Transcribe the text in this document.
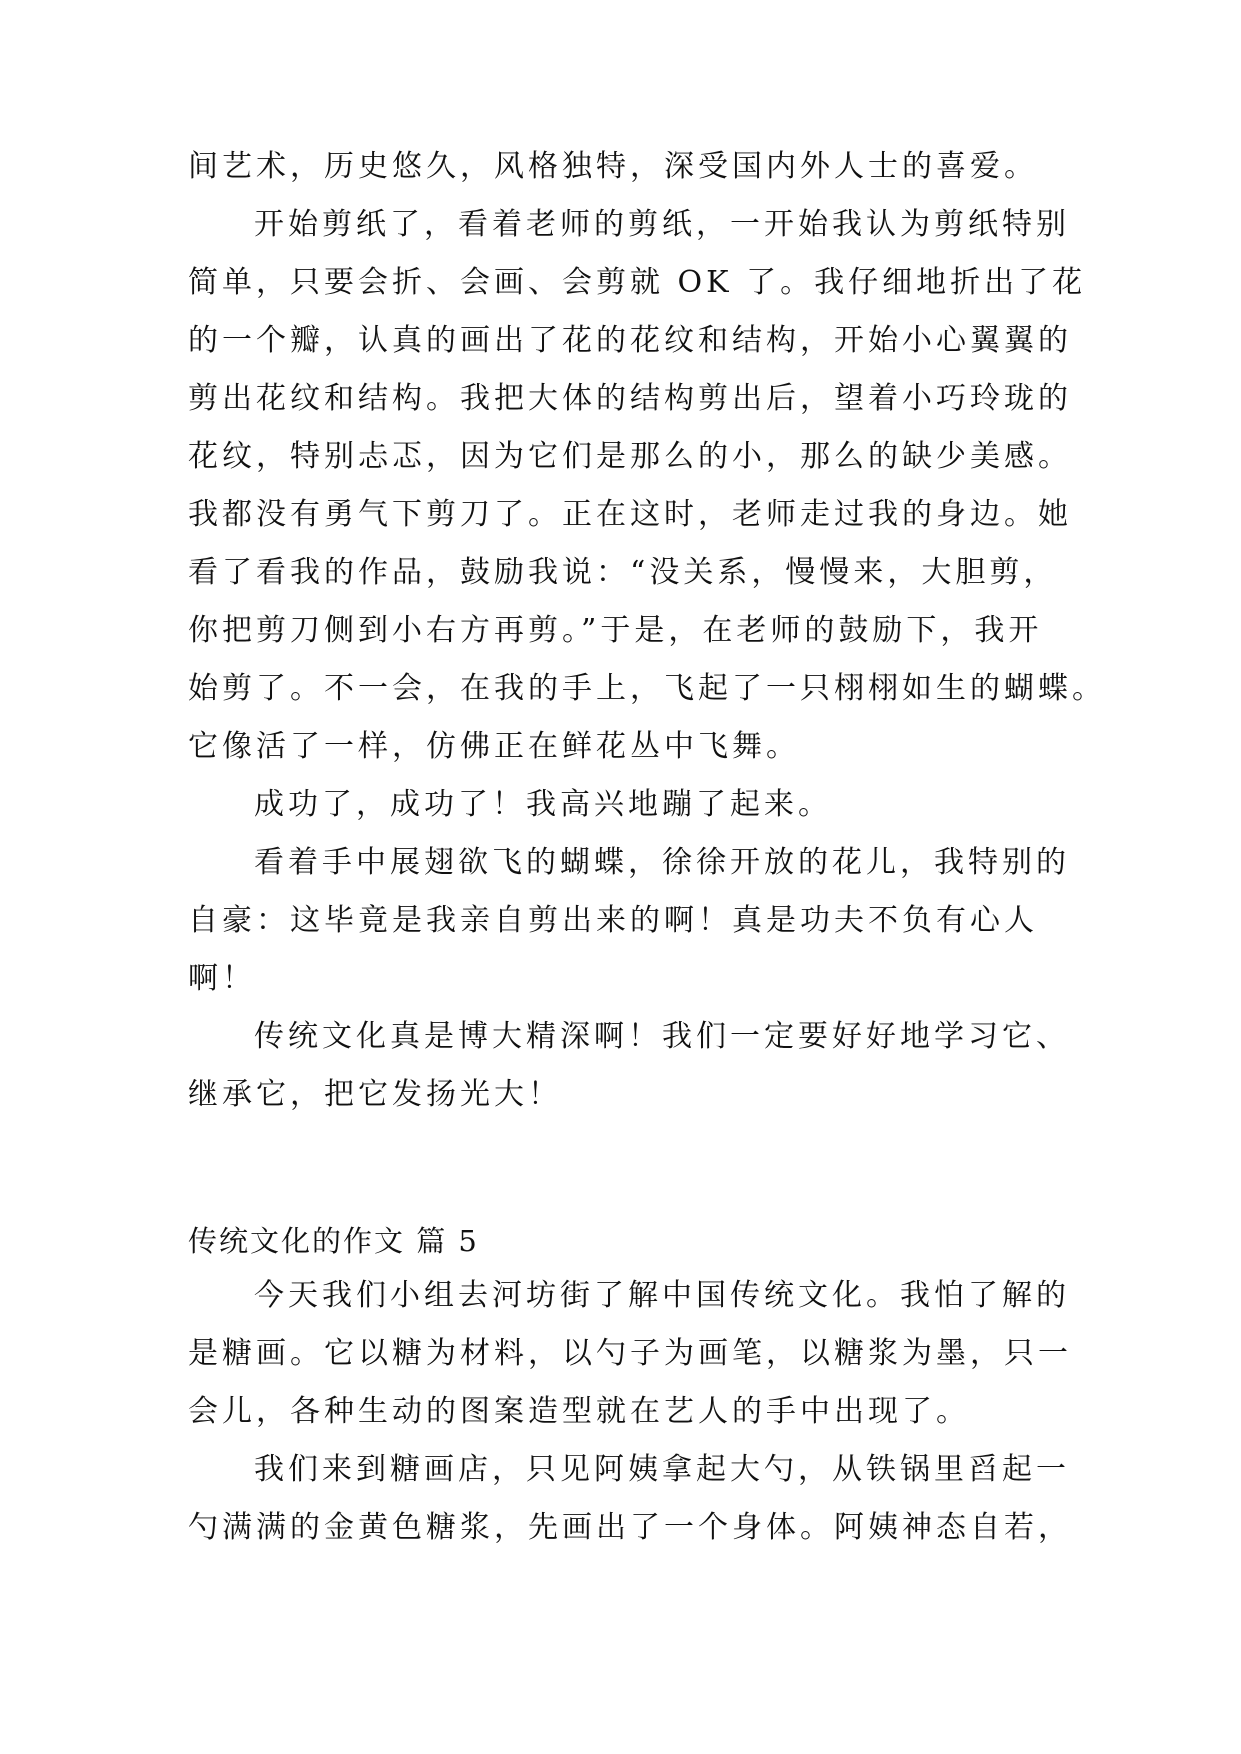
间艺术，历史悠久，风格独特，深受国内外人士的喜爱。
开始剪纸了，看着老师的剪纸，一开始我认为剪纸特别
简单，只要会折、会画、会剪就 OK 了。我仔细地折出了花
的一个瓣，认真的画出了花的花纹和结构，开始小心翼翼的
剪出花纹和结构。我把大体的结构剪出后，望着小巧玲珑的
花纹，特别忐忑，因为它们是那么的小，那么的缺少美感。
我都没有勇气下剪刀了。正在这时，老师走过我的身边。她
看了看我的作品，鼓励我说：“没关系，慢慢来，大胆剪，
你把剪刀侧到小右方再剪。”于是，在老师的鼓励下，我开
始剪了。不一会，在我的手上，飞起了一只栩栩如生的蝴蝶。
它像活了一样，仿佛正在鲜花丛中飞舞。
成功了，成功了！我高兴地蹦了起来。
看着手中展翅欲飞的蝴蝶，徐徐开放的花儿，我特别的
自豪：这毕竟是我亲自剪出来的啊！真是功夫不负有心人
啊！
传统文化真是博大精深啊！我们一定要好好地学习它、
继承它，把它发扬光大！
传统文化的作文 篇 5
今天我们小组去河坊街了解中国传统文化。我怕了解的
是糖画。它以糖为材料，以勺子为画笔，以糖浆为墨，只一
会儿，各种生动的图案造型就在艺人的手中出现了。
我们来到糖画店，只见阿姨拿起大勺，从铁锅里舀起一
勺满满的金黄色糖浆，先画出了一个身体。阿姨神态自若，
